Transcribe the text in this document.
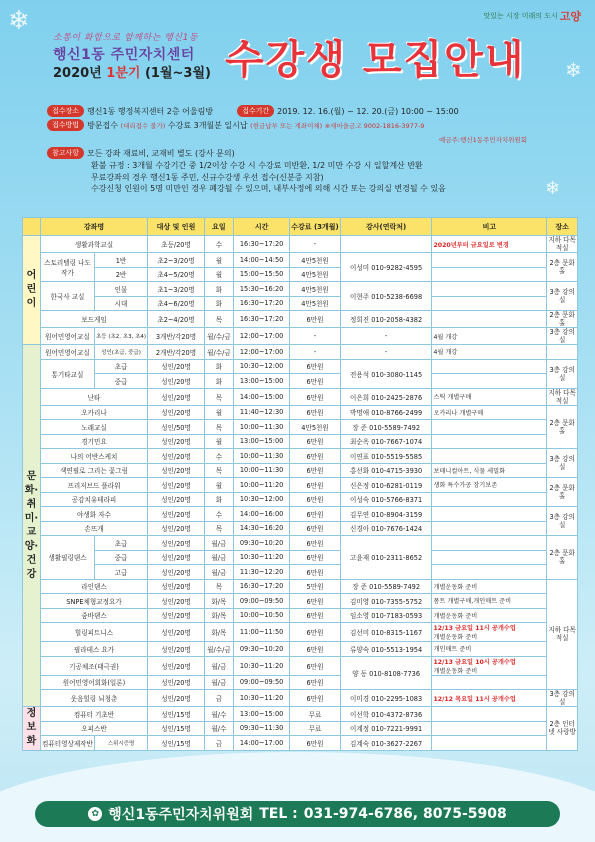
❄
❄
❄
맛있는 시장 미래의 도시 고양
소통이 화합으로 함께하는 행신1동
행신1동 주민자치센터
2020년 1분기 (1월~3월) 수강생 모집안내
접수장소	행신1동 행정복지센터 2층 어울림방	접수기간	2019. 12. 16.(월) ~ 12. 20.(금) 10:00 ~ 15:00
접수방법	방문접수
(대리접수 불가)
수강료 3개월분 일시납
(현금납부 또는 계좌이체)
※새마을금고 9002-1816-3977-9
예금주:행신1동주민자치위원회
참고사항	모든 강좌 재료비, 교재비 별도 (강사 문의)
환불 규정 : 3개월 수강기간 중 1/2이상 수강 시 수강료 미반환, 1/2 미만 수강 시 일할계산 반환
무료강좌의 경우 행신1동 주민, 신규수강생 우선 접수(신분증 지참)
수강신청 인원이 5명 미만인 경우 폐강될 수 있으며, 내부사정에 의해 시간 또는 강의실 변경될 수 있음
	강좌명		대상 및 인원	요일	시간	수강료 (3개월)	강사(연락처)	비고	장소
어린이	생활과학교실		초등/20명	수	16:30~17:20	-		2020년부터 금요일로 변경	지하 다목적실
	스토리텔링 나도 작가	1반	초2~3/20명	월	14:00~14:50	4만5천원	이성미 010-9282-4595		2층 문화홀
		2반	초4~5/20명	월	15:00~15:50	4만5천원			

	한국사 교실	인물	초1~3/20명	화	15:30~16:20	4만5천원	이현주 010-5238-6698		3층 강의실
		시대	초4~6/20명	화	16:30~17:20	4만5천원			

	보드게임		초2~4/20명	목	16:30~17:20	6만원	정희진 010-2058-4382		2층 문화홀
	원어민영어교실	초등 (초2, 초3, 초4)	3개반/각20명	월/수/금	12:00~17:00	-	-	4월 개강	3층 강의실
문화·취미·교양·건강	원어민영어교실	성인(초급, 중급)	2개반/각20명	월/수/금	12:00~17:00	-	-	4월 개강	

	통기타교실	초급	성인/20명	화	10:30~12:00	6만원	전용석 010-3080-1145		3층 강의실
		중급	성인/20명	화	13:00~15:00	6만원			

	난타		성인/20명	목	14:00~15:00	6만원	이은희 010-2425-2876	스틱 개별구매	지하 다목적실
	오카리나		성인/20명	월	11:40~12:30	6만원	박명애 010-8766-2499	오카리나 개별구매	2층 문화홀
	노래교실		성인/50명	목	10:00~11:30	4만5천원	장 준 010-5589-7492		

	경기민요		성인/20명	월	13:00~15:00	6만원	최순옥 010-7667-1074		

	나의 어반스케치		성인/20명	수	10:00~11:30	6만원	이연표 010-5519-5585		3층 강의실
	색연필로 그리는 꽃그림		성인/20명	목	10:00~11:30	6만원	홍선화 010-4715-3930	보태니컬아트, 식물 세밀화	

	프리저브드 플라워		성인/20명	월	10:00~11:20	6만원	신은정 010-6281-0119	생화 특수가공 장기보존	2층 문화홀
	공감치유테라피		성인/20명	화	10:30~12:00	6만원	이성숙 010-5766-8371		

	야생화 자수		성인/20명	수	14:00~16:00	6만원	김무연 010-8904-3159		3층 강의실
	손뜨개		성인/20명	목	14:30~16:20	6만원	신경아 010-7676-1424		

	생활필링댄스	초급	성인/20명	월/금	09:30~10:20	6만원	고윤재 010-2311-8652		2층 문화홀
		중급	성인/20명	월/금	10:30~11:20	6만원			

		고급	성인/20명	월/금	11:30~12:20	6만원			

	라인댄스		성인/20명	목	16:30~17:20	5만원	장 준 010-5589-7492	개별운동화 준비	지하 다목적실
	SNPE체형교정요가		성인/20명	화/목	09:00~09:50	6만원	김미영 010-7355-5752	폼트 개별구매,개인매트 준비	

	줌바댄스		성인/20명	화/목	10:00~10:50	6만원	임소영 010-7183-0593	개별운동화 준비	

	힐링피트니스		성인/20명	화/목	11:00~11:50	6만원	김선미 010-8315-1167	12/13 금요일 11시 공개수업
개별운동화 준비	

	필라테스 요가		성인/20명	월/수/금	09:30~10:20	6만원	류양숙 010-5513-1954	개인매트 준비	

	기공체조(태극권)		성인/20명	월/금	10:30~11:20	6만원	양 동 010-8108-7736	12/13 금요일 10시 공개수업
개별운동화 준비	

	원어민영어회화(일론)		성인/20명	월/금	09:00~09:50	6만원			

	웃음힐링 뇌청춘		성인/20명	금	10:30~11:20	6만원	이미경 010-2295-1083	12/12 목요일 11시 공개수업	3층 강의실
정보화	컴퓨터 기초반		성인/15명	월/수	13:00~15:00	무료	이선학 010-4372-8736		2층 인터넷 사랑방
	오피스반		성인/15명	월/수	09:30~11:30	무료	이계정 010-7221-9991		

	컴퓨터영상제작반	스위시증명	성인/15명	금	14:00~17:00	6만원	김계숙 010-3627-2267		
✿ 행신1동주민자치위원회 TEL : 031-974-6786, 8075-5908
